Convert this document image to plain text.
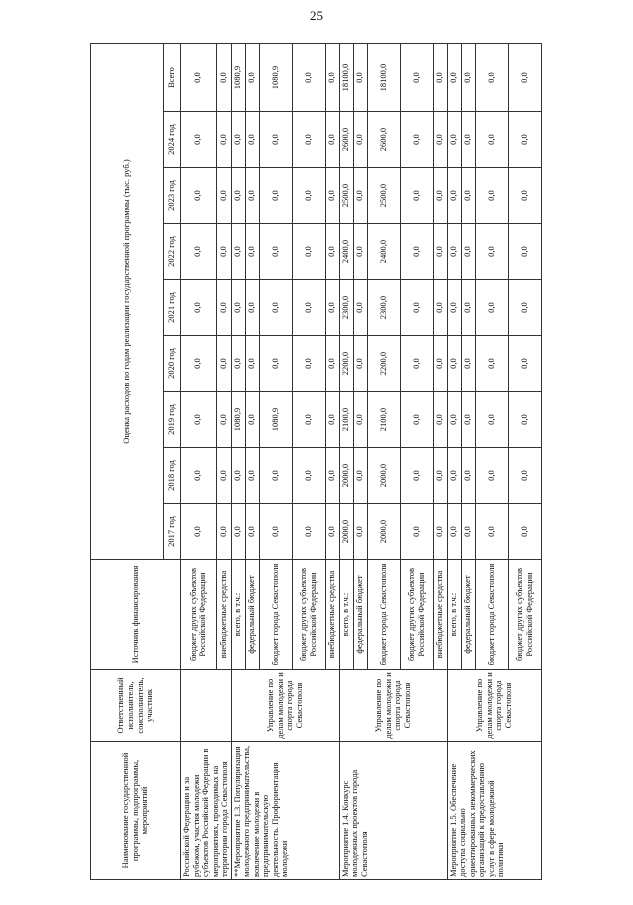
25
Наименование государственной программы, подпрограммы, мероприятий	Ответственный исполнитель, соисполнитель, участник	Источник финансирования	Оценка расходов по годам реализации государственной программы (тыс. руб.)								
			2017 год	2018 год	2019 год	2020 год	2021 год	2022 год	2023 год	2024 год	Всего
Российской Федерации и за рубежом, участия молодежи субъектов Российской Федерации в мероприятиях, проводимых на территории города Севастополя		бюджет других субъектов Российской Федерации	0,0	0,0	0,0	0,0	0,0	0,0	0,0	0,0	0,0
		внебюджетные средства	0,0	0,0	0,0	0,0	0,0	0,0	0,0	0,0	0,0
**Мероприятие 1.3. Популяризация молодежного предпринимательства, вовлечение молодежи в предпринимательскую деятельность. Профориентация молодежи	Управление по делам молодежи и спорта города Севастополя	всего, в т.ч.:	0,0	0,0	1080,9	0,0	0,0	0,0	0,0	0,0	1080,9
		федеральный бюджет	0,0	0,0	0,0	0,0	0,0	0,0	0,0	0,0	0,0
		бюджет города Севастополя	0,0	0,0	1080,9	0,0	0,0	0,0	0,0	0,0	1080,9
		бюджет других субъектов Российской Федерации	0,0	0,0	0,0	0,0	0,0	0,0	0,0	0,0	0,0
		внебюджетные средства	0,0	0,0	0,0	0,0	0,0	0,0	0,0	0,0	0,0
Мероприятие 1.4. Конкурс молодежных проектов города Севастополя	Управление по делам молодежи и спорта города Севастополя	всего, в т.ч.:	2000,0	2000,0	2100,0	2200,0	2300,0	2400,0	2500,0	2600,0	18100,0
		федеральный бюджет	0,0	0,0	0,0	0,0	0,0	0,0	0,0	0,0	0,0
		бюджет города Севастополя	2000,0	2000,0	2100,0	2200,0	2300,0	2400,0	2500,0	2600,0	18100,0
		бюджет других субъектов Российской Федерации	0,0	0,0	0,0	0,0	0,0	0,0	0,0	0,0	0,0
		внебюджетные средства	0,0	0,0	0,0	0,0	0,0	0,0	0,0	0,0	0,0
Мероприятие 1.5. Обеспечение доступа социально ориентированных некоммерческих организаций к предоставлению услуг в сфере молодежной политики	Управление по делам молодежи и спорта города Севастополя	всего, в т.ч.:	0,0	0,0	0,0	0,0	0,0	0,0	0,0	0,0	0,0
		федеральный бюджет	0,0	0,0	0,0	0,0	0,0	0,0	0,0	0,0	0,0
		бюджет города Севастополя	0,0	0,0	0,0	0,0	0,0	0,0	0,0	0,0	0,0
		бюджет других субъектов Российской Федерации	0,0	0,0	0,0	0,0	0,0	0,0	0,0	0,0	0,0
